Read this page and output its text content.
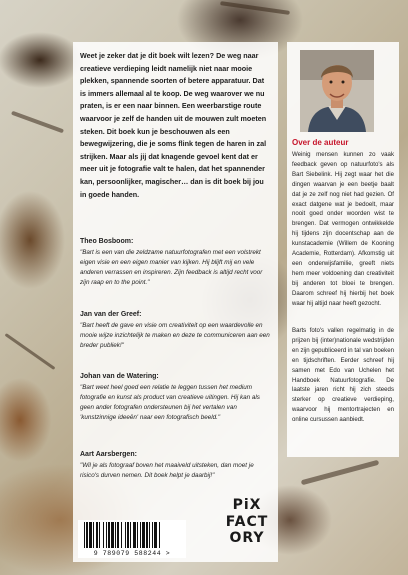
Weet je zeker dat je dit boek wilt lezen? De weg naar creatieve verdieping leidt namelijk niet naar mooie plekken, spannende soorten of betere apparatuur. Dat is immers allemaal al te koop. De weg waarover we nu praten, is er een naar binnen. Een weerbarstige route waarvoor je zelf de handen uit de mouwen zult moeten steken. Dit boek kun je beschouwen als een bewegwijzering, die je soms flink tegen de haren in zal strijken. Maar als jij dat knagende gevoel kent dat er meer uit je fotografie valt te halen, dat het spannender kan, persoonlijker, magischer… dan is dit boek bij jou in goede handen.

Theo Bosboom:

"Bart is een van die zeldzame natuurfotografen met een volstrekt eigen visie en een eigen manier van kijken. Hij blijft mij en vele anderen verrassen en inspireren. Zijn feedback is altijd recht voor zijn raap en to the point."

Jan van der Greef:

"Bart heeft de gave en visie om creativiteit op een waardevolle en mooie wijze inzichtelijk te maken en deze te communiceren aan een breder publiek!"

Johan van de Watering:

"Bart weet heel goed een relatie te leggen tussen het medium fotografie en kunst als product van creatieve uitingen. Hij kan als geen ander fotografen ondersteunen bij het vertalen van 'kunstzinnige ideeën' naar een fotografisch beeld."

Aart Aarsbergen:

"Wil je als fotograaf boven het maaiveld uitsteken, dan moet je risico's durven nemen. Dit boek helpt je daarbij!"

9 789079 588244 >
PiX
FACT
ORY
Over de auteur

Weinig mensen kunnen zo vaak feedback geven op natuurfoto's als Bart Siebelink. Hij zegt waar het die dingen waarvan je een beetje baalt dat je ze zelf nog niet had gezien. Of exact datgene wat je bedoelt, maar nooit goed onder woorden wist te brengen. Dat vermogen ontwikkelde hij tijdens zijn docentschap aan de kunstacademie (Willem de Kooning Academie, Rotterdam). Afkomstig uit een onderwijsfamilie, greeft niets hem meer voldoening dan creativiteit bij anderen tot bloei te brengen. Daarom schreef hij hierbij het boek waar hij altijd naar heeft gezocht.

Barts foto's vallen regelmatig in de prijzen bij (inter)nationale wedstrijden en zijn gepubliceerd in tal van boeken en tijdschriften. Eerder schreef hij samen met Edo van Uchelen het Handboek Natuurfotografie. De laatste jaren richt hij zich steeds sterker op creatieve verdieping, waarvoor hij mentortrajecten en online cursussen aanbiedt.
